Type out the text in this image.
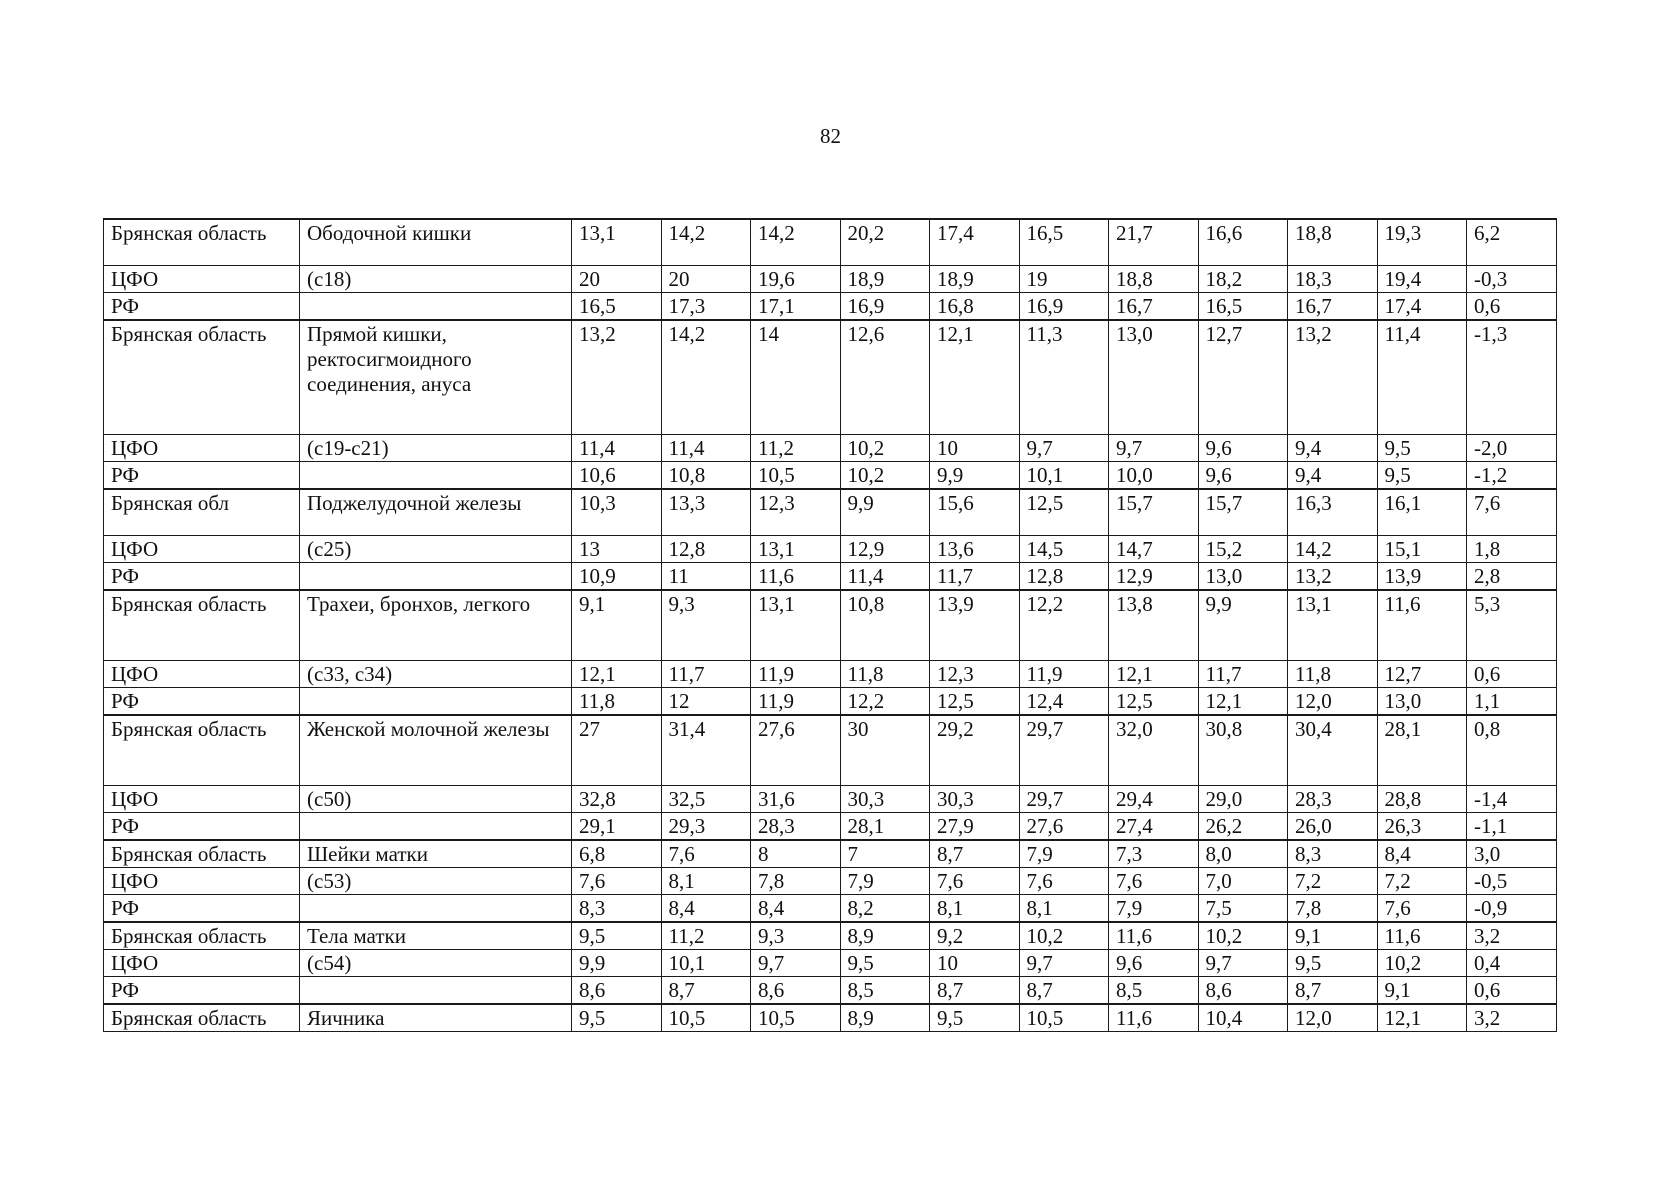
82
Брянская область	Ободочной кишки	13,1	14,2	14,2	20,2	17,4	16,5	21,7	16,6	18,8	19,3	6,2
ЦФО	(с18)	20	20	19,6	18,9	18,9	19	18,8	18,2	18,3	19,4	-0,3
РФ		16,5	17,3	17,1	16,9	16,8	16,9	16,7	16,5	16,7	17,4	0,6
Брянская область	Прямой кишки, ректосигмоидного соединения, ануса	13,2	14,2	14	12,6	12,1	11,3	13,0	12,7	13,2	11,4	-1,3
ЦФО	(с19-с21)	11,4	11,4	11,2	10,2	10	9,7	9,7	9,6	9,4	9,5	-2,0
РФ		10,6	10,8	10,5	10,2	9,9	10,1	10,0	9,6	9,4	9,5	-1,2
Брянская обл	Поджелудочной железы	10,3	13,3	12,3	9,9	15,6	12,5	15,7	15,7	16,3	16,1	7,6
ЦФО	(с25)	13	12,8	13,1	12,9	13,6	14,5	14,7	15,2	14,2	15,1	1,8
РФ		10,9	11	11,6	11,4	11,7	12,8	12,9	13,0	13,2	13,9	2,8
Брянская область	Трахеи, бронхов, легкого	9,1	9,3	13,1	10,8	13,9	12,2	13,8	9,9	13,1	11,6	5,3
ЦФО	(с33, с34)	12,1	11,7	11,9	11,8	12,3	11,9	12,1	11,7	11,8	12,7	0,6
РФ		11,8	12	11,9	12,2	12,5	12,4	12,5	12,1	12,0	13,0	1,1
Брянская область	Женской молочной железы	27	31,4	27,6	30	29,2	29,7	32,0	30,8	30,4	28,1	0,8
ЦФО	(с50)	32,8	32,5	31,6	30,3	30,3	29,7	29,4	29,0	28,3	28,8	-1,4
РФ		29,1	29,3	28,3	28,1	27,9	27,6	27,4	26,2	26,0	26,3	-1,1
Брянская область	Шейки матки	6,8	7,6	8	7	8,7	7,9	7,3	8,0	8,3	8,4	3,0
ЦФО	(с53)	7,6	8,1	7,8	7,9	7,6	7,6	7,6	7,0	7,2	7,2	-0,5
РФ		8,3	8,4	8,4	8,2	8,1	8,1	7,9	7,5	7,8	7,6	-0,9
Брянская область	Тела матки	9,5	11,2	9,3	8,9	9,2	10,2	11,6	10,2	9,1	11,6	3,2
ЦФО	(с54)	9,9	10,1	9,7	9,5	10	9,7	9,6	9,7	9,5	10,2	0,4
РФ		8,6	8,7	8,6	8,5	8,7	8,7	8,5	8,6	8,7	9,1	0,6
Брянская область	Яичника	9,5	10,5	10,5	8,9	9,5	10,5	11,6	10,4	12,0	12,1	3,2
